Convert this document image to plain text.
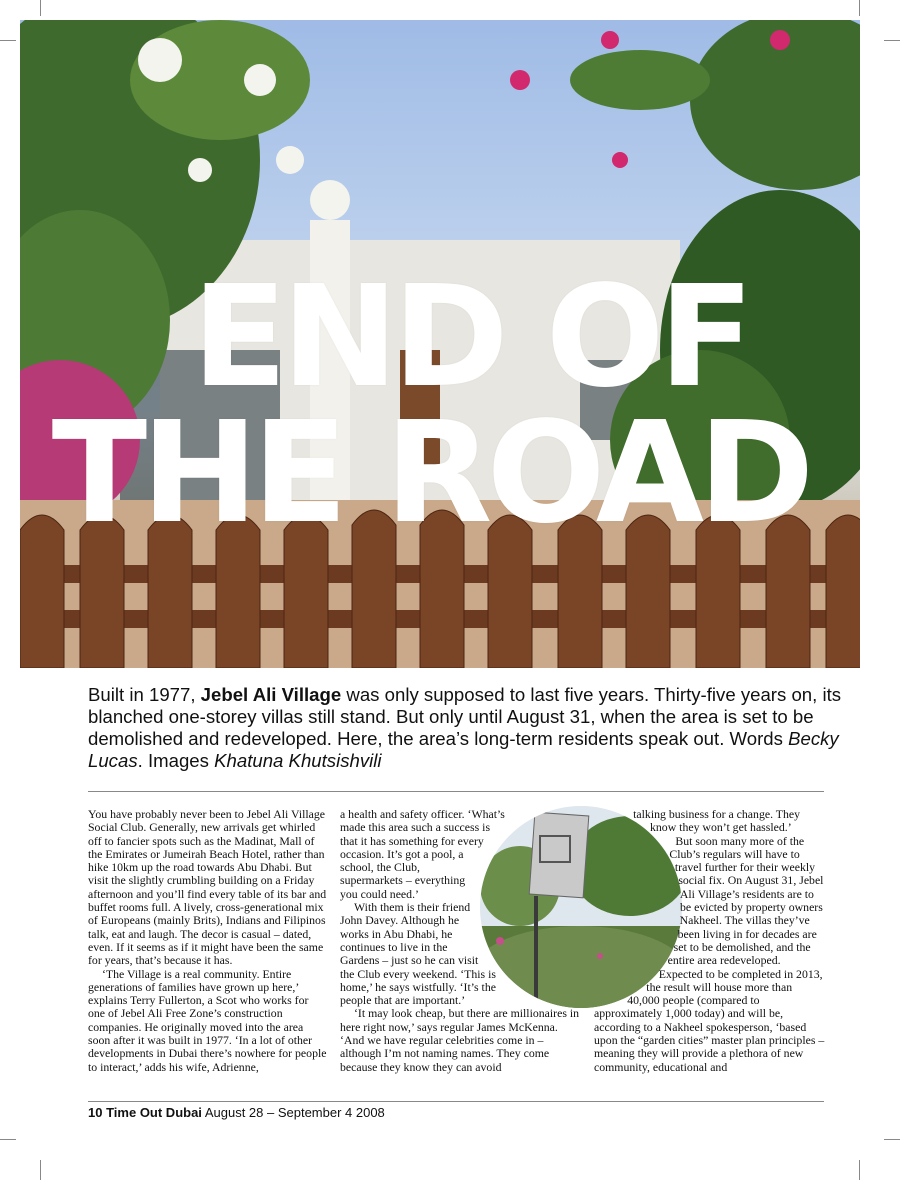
END OF
THE ROAD
Built in 1977, Jebel Ali Village was only supposed to last five years. Thirty-five years on, its blanched one-storey villas still stand. But only until August 31, when the area is set to be demolished and redeveloped. Here, the area’s long-term residents speak out. Words Becky Lucas. Images Khatuna Khutsishvili

You have probably never been to Jebel Ali Village Social Club. Generally, new arrivals get whirled off to fancier spots such as the Madinat, Mall of the Emirates or Jumeirah Beach Hotel, rather than hike 10km up the road towards Abu Dhabi. But visit the slightly crumbling building on a Friday afternoon and you’ll find every table of its bar and buffet rooms full. A lively, cross-generational mix of Europeans (mainly Brits), Indians and Filipinos talk, eat and laugh. The decor is casual – dated, even. If it seems as if it might have been the same for years, that’s because it has.

‘The Village is a real community. Entire generations of families have grown up here,’ explains Terry Fullerton, a Scot who works for one of Jebel Ali Free Zone’s construction companies. He originally moved into the area soon after it was built in 1977. ‘In a lot of other developments in Dubai there’s nowhere for people to interact,’ adds his wife, Adrienne,

a health and safety officer. ‘What’s made this area such a success is that it has something for every occasion. It’s got a pool, a school, the Club, supermarkets – everything you could need.’

With them is their friend John Davey. Although he works in Abu Dhabi, he continues to live in the Gardens – just so he can visit the Club every weekend. ‘This is home,’ he says wistfully. ‘It’s the people that are important.’

‘It may look cheap, but there are millionaires in here right now,’ says regular James McKenna. ‘And we have regular celebrities come in – although I’m not naming names. They come because they know they can avoid

talking business for a change. They know they won’t get hassled.’

But soon many more of the Club’s regulars will have to travel further for their weekly social fix. On August 31, Jebel Ali Village’s residents are to be evicted by property owners Nakheel. The villas they’ve been living in for decades are set to be demolished, and the entire area redeveloped. Expected to be completed in 2013, the result will house more than 40,000 people (compared to approximately 1,000 today) and will be, according to a Nakheel spokesperson, ‘based upon the “garden cities” master plan principles – meaning they will provide a plethora of new community, educational and

10 Time Out Dubai August 28 – September 4 2008
